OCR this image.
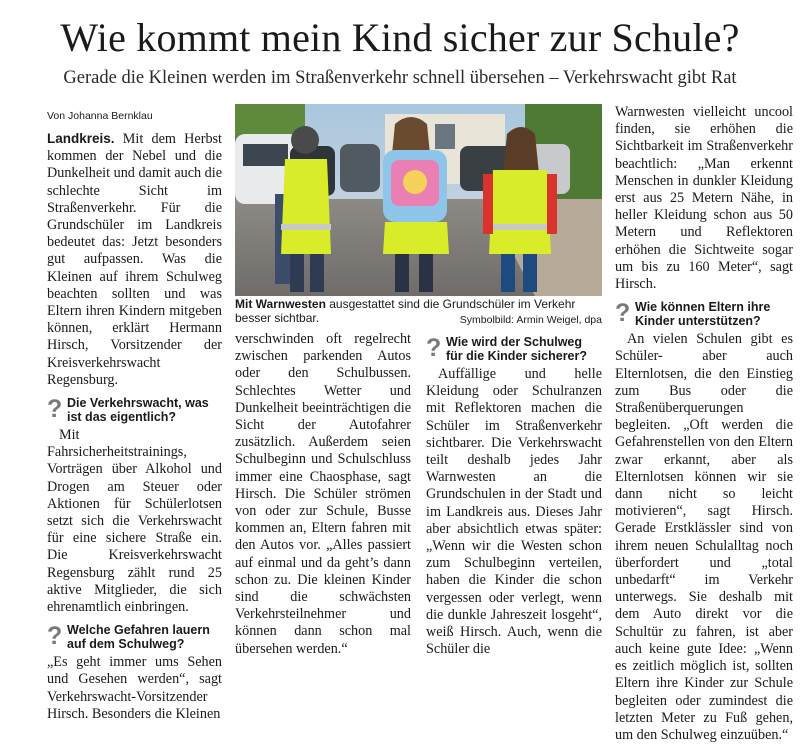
Wie kommt mein Kind sicher zur Schule?
Gerade die Kleinen werden im Straßenverkehr schnell übersehen – Verkehrswacht gibt Rat
Von Johanna Bernklau

Landkreis. Mit dem Herbst kommen der Nebel und die Dunkelheit und damit auch die schlechte Sicht im Straßenverkehr. Für die Grundschüler im Landkreis bedeutet das: Jetzt besonders gut aufpassen. Was die Kleinen auf ihrem Schulweg beachten sollten und was Eltern ihren Kindern mitgeben können, erklärt Hermann Hirsch, Vorsitzender der Kreisverkehrswacht Regensburg.

? Die Verkehrswacht, was ist das eigentlich?

Mit Fahrsicherheitstrainings, Vorträgen über Alkohol und Drogen am Steuer oder Aktionen für Schülerlotsen setzt sich die Verkehrswacht für eine sichere Straße ein. Die Kreisverkehrswacht Regensburg zählt rund 25 aktive Mitglieder, die sich ehrenamtlich einbringen.

? Welche Gefahren lauern auf dem Schulweg?

„Es geht immer ums Sehen und Gesehen werden“, sagt Verkehrswacht-Vorsitzender Hirsch. Besonders die Kleinen

Mit Warnwesten ausgestattet sind die Grundschüler im Verkehr besser sichtbar.	Symbolbild: Armin Weigel, dpa

verschwinden oft regelrecht zwischen parkenden Autos oder den Schulbussen. Schlechtes Wetter und Dunkelheit beeinträchtigen die Sicht der Autofahrer zusätzlich. Außerdem seien Schulbeginn und Schulschluss immer eine Chaosphase, sagt Hirsch. Die Schüler strömen von oder zur Schule, Busse kommen an, Eltern fahren mit den Autos vor. „Alles passiert auf einmal und da geht’s dann schon zu. Die kleinen Kinder sind die schwächsten Verkehrsteilnehmer und können dann schon mal übersehen werden.“

? Wie wird der Schulweg für die Kinder sicherer?

Auffällige und helle Kleidung oder Schulranzen mit Reflektoren machen die Schüler im Straßenverkehr sichtbarer. Die Verkehrswacht teilt deshalb jedes Jahr Warnwesten an die Grundschulen in der Stadt und im Landkreis aus. Dieses Jahr aber absichtlich etwas später: „Wenn wir die Westen schon zum Schulbeginn verteilen, haben die Kinder die schon vergessen oder verlegt, wenn die dunkle Jahreszeit losgeht“, weiß Hirsch. Auch, wenn die Schüler die

Warnwesten vielleicht uncool finden, sie erhöhen die Sichtbarkeit im Straßenverkehr beachtlich: „Man erkennt Menschen in dunkler Kleidung erst aus 25 Metern Nähe, in heller Kleidung schon aus 50 Metern und Reflektoren erhöhen die Sichtweite sogar um bis zu 160 Meter“, sagt Hirsch.

? Wie können Eltern ihre Kinder unterstützen?

An vielen Schulen gibt es Schüler- aber auch Elternlotsen, die den Einstieg zum Bus oder die Straßenüberquerungen begleiten. „Oft werden die Gefahrenstellen von den Eltern zwar erkannt, aber als Elternlotsen können wir sie dann nicht so leicht motivieren“, sagt Hirsch. Gerade Erstklässler sind von ihrem neuen Schulalltag noch überfordert und „total unbedarft“ im Verkehr unterwegs. Sie deshalb mit dem Auto direkt vor die Schultür zu fahren, ist aber auch keine gute Idee: „Wenn es zeitlich möglich ist, sollten Eltern ihre Kinder zur Schule begleiten oder zumindest die letzten Meter zu Fuß gehen, um den Schulweg einzuüben.“
